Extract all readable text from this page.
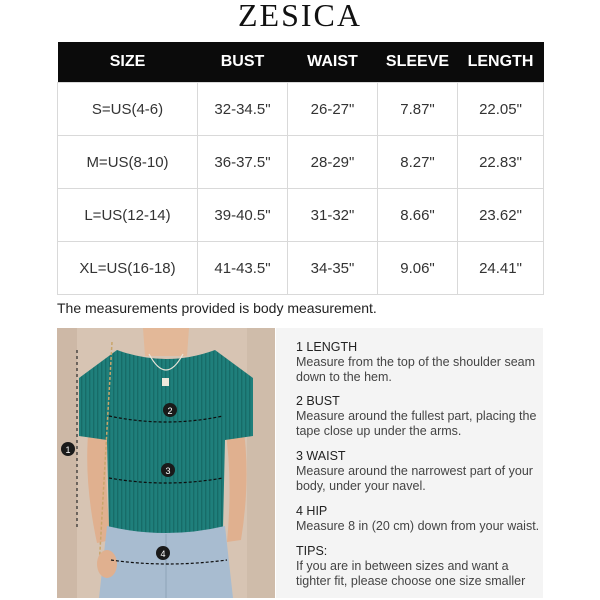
ZESICA
SIZE	BUST	WAIST	SLEEVE	LENGTH
S=US(4-6)	32-34.5"	26-27"	7.87"	22.05"
M=US(8-10)	36-37.5"	28-29"	8.27"	22.83"
L=US(12-14)	39-40.5"	31-32"	8.66"	23.62"
XL=US(16-18)	41-43.5"	34-35"	9.06"	24.41"
The measurements provided is body measurement.
1
2
3
4
1 LENGTH
Measure from the top of the shoulder seam down to the hem.
2 BUST
Measure around the fullest part, placing the tape close up under the arms.
3 WAIST
Measure around the narrowest part of your body, under your navel.
4 HIP
Measure 8 in (20 cm) down from your waist.
TIPS:
If you are in between sizes and want a tighter fit, please choose one size smaller
